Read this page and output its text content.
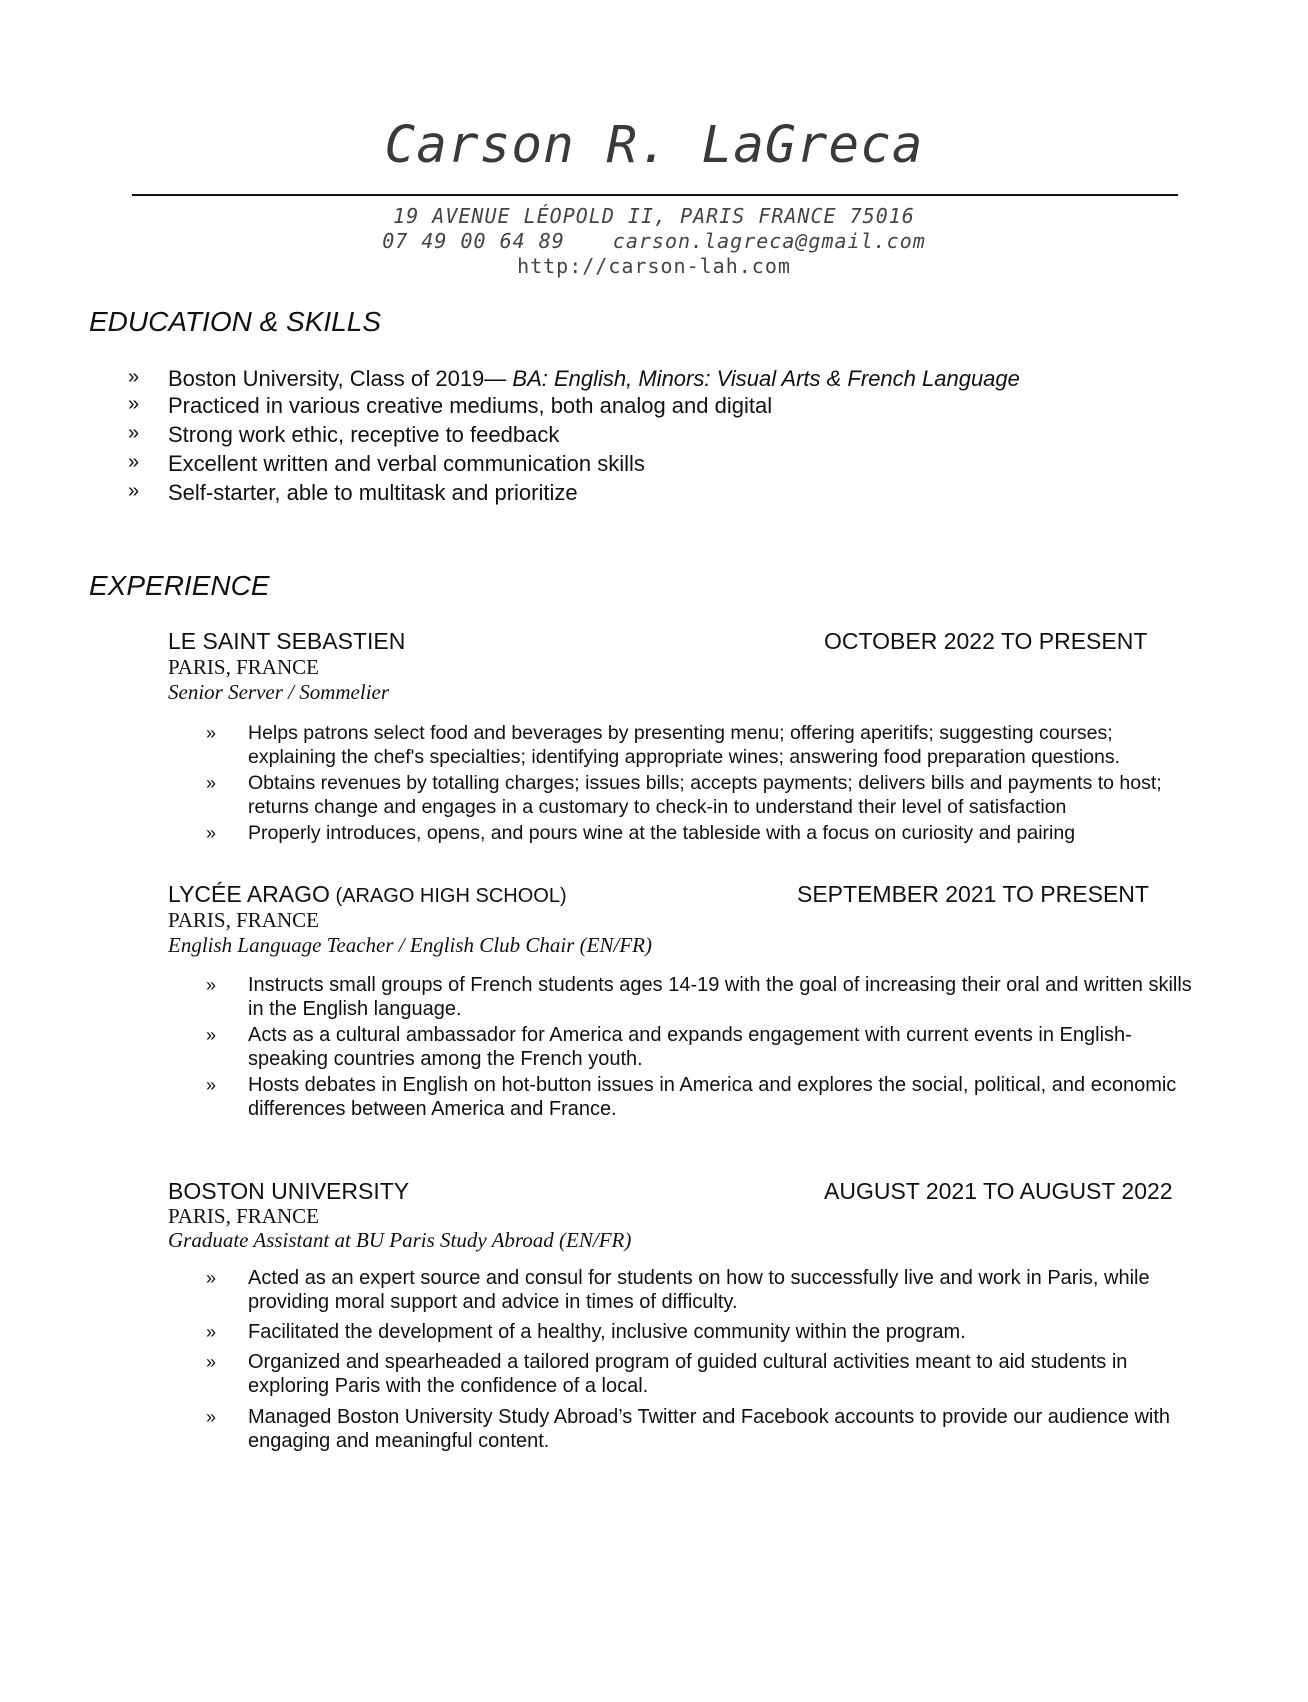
Carson R. LaGreca
19 AVENUE LÉOPOLD II, PARIS FRANCE 75016
07 49 00 64 89 carson.lagreca@gmail.com
http://carson-lah.com
EDUCATION & SKILLS
» Boston University, Class of 2019— BA: English, Minors: Visual Arts & French Language
» Practiced in various creative mediums, both analog and digital
» Strong work ethic, receptive to feedback
» Excellent written and verbal communication skills
» Self-starter, able to multitask and prioritize
EXPERIENCE
LE SAINT SEBASTIEN	OCTOBER 2022 TO PRESENT
PARIS, FRANCE
Senior Server / Sommelier
» Helps patrons select food and beverages by presenting menu; offering aperitifs; suggesting courses; explaining the chef's specialties; identifying appropriate wines; answering food preparation questions.
» Obtains revenues by totalling charges; issues bills; accepts payments; delivers bills and payments to host; returns change and engages in a customary to check-in to understand their level of satisfaction
» Properly introduces, opens, and pours wine at the tableside with a focus on curiosity and pairing
LYCÉE ARAGO (ARAGO HIGH SCHOOL)	SEPTEMBER 2021 TO PRESENT
PARIS, FRANCE
English Language Teacher / English Club Chair (EN/FR)
» Instructs small groups of French students ages 14-19 with the goal of increasing their oral and written skills in the English language.
» Acts as a cultural ambassador for America and expands engagement with current events in English-speaking countries among the French youth.
» Hosts debates in English on hot-button issues in America and explores the social, political, and economic differences between America and France.
BOSTON UNIVERSITY	AUGUST 2021 TO AUGUST 2022
PARIS, FRANCE
Graduate Assistant at BU Paris Study Abroad (EN/FR)
» Acted as an expert source and consul for students on how to successfully live and work in Paris, while providing moral support and advice in times of difficulty.
» Facilitated the development of a healthy, inclusive community within the program.
» Organized and spearheaded a tailored program of guided cultural activities meant to aid students in exploring Paris with the confidence of a local.
» Managed Boston University Study Abroad’s Twitter and Facebook accounts to provide our audience with engaging and meaningful content.
